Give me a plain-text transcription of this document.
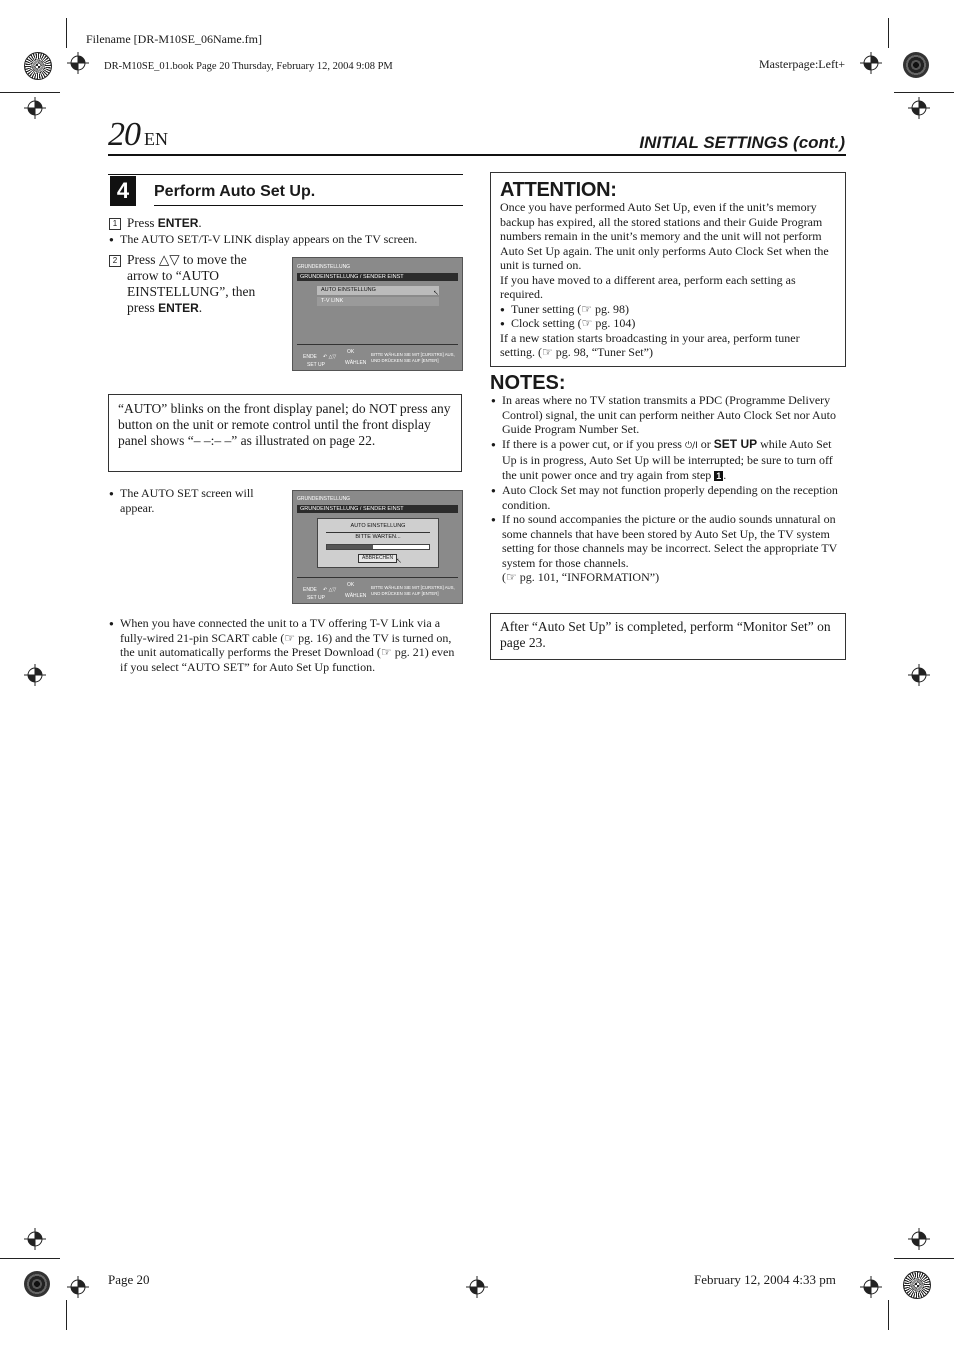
Filename [DR-M10SE_06Name.fm]
DR-M10SE_01.book Page 20 Thursday, February 12, 2004 9:08 PM	Masterpage:Left+
20 EN	INITIAL SETTINGS (cont.)
4	Perform Auto Set Up.
1 Press ENTER.
● The AUTO SET/T-V LINK display appears on the TV screen.
2 Press △▽ to move the
arrow to “AUTO
EINSTELLUNG”, then
press ENTER.
GRUNDEINSTELLUNG
GRUNDEINSTELLUNG / SENDER EINST
AUTO EINSTELLUNG	↖
T-V LINK
ENDE
SET UP
↶ △▽
OK
WÄHLEN
BITTE WÄHLEN SIE MIT [CURSTRS] AUS,
UND DRÜCKEN SIE AUF [ENTER]
“AUTO” blinks on the front display panel; do NOT press any button on the unit or remote control until the front display panel shows “– –:– –” as illustrated on page 22.
● The AUTO SET screen will appear.
GRUNDEINSTELLUNG
GRUNDEINSTELLUNG / SENDER EINST
AUTO EINSTELLUNG
BITTE WARTEN...
ABBRECHEN ↖
ENDE
SET UP
↶ △▽
OK
WÄHLEN
BITTE WÄHLEN SIE MIT [CURSTRS] AUS,
UND DRÜCKEN SIE AUF [ENTER]
● When you have connected the unit to a TV offering T-V Link via a fully-wired 21-pin SCART cable (☞ pg. 16) and the TV is turned on, the unit automatically performs the Preset Download (☞ pg. 21) even if you select “AUTO SET” for Auto Set Up function.
ATTENTION:
Once you have performed Auto Set Up, even if the unit’s memory backup has expired, all the stored stations and their Guide Program numbers remain in the unit’s memory and the unit will not perform Auto Set Up again. The unit only performs Auto Clock Set when the unit is turned on.
If you have moved to a different area, perform each setting as required.
● Tuner setting (☞ pg. 98)
● Clock setting (☞ pg. 104)
If a new station starts broadcasting in your area, perform tuner setting. (☞ pg. 98, “Tuner Set”)
NOTES:
● In areas where no TV station transmits a PDC (Programme Delivery Control) signal, the unit can perform neither Auto Clock Set nor Auto Guide Program Number Set.
● If there is a power cut, or if you press ⏻/I or SET UP while Auto Set Up is in progress, Auto Set Up will be interrupted; be sure to turn off the unit power once and try again from step 1 .
● Auto Clock Set may not function properly depending on the reception condition.
● If no sound accompanies the picture or the audio sounds unnatural on some channels that have been stored by Auto Set Up, the TV system setting for those channels may be incorrect. Select the appropriate TV system for those channels.
(☞ pg. 101, “INFORMATION”)
After “Auto Set Up” is completed, perform “Monitor Set” on page 23.
Page 20	February 12, 2004 4:33 pm
